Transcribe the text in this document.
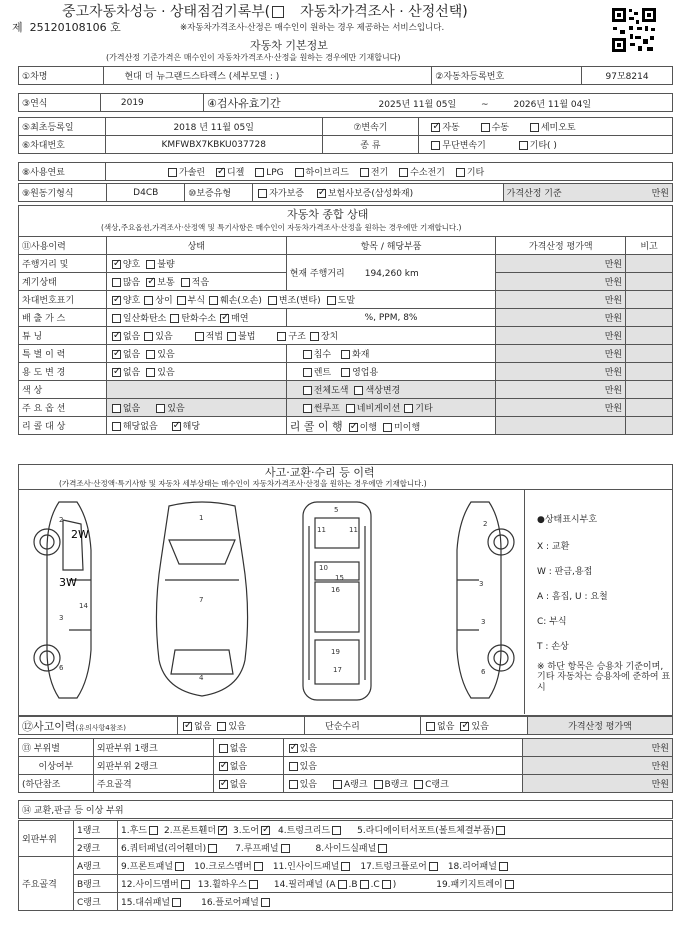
중고자동차성능 · 상태점검기록부( 자동차가격조사 · 산정선택)
제 25120108106 호	※자동차가격조사·산정은 매수인이 원하는 경우 제공하는 서비스입니다.
자동차 기본정보
(가격산정 기준가격은 매수인이 자동차가격조사·산정을 원하는 경우에만 기재합니다)
①차명	현대 더 뉴그랜드스타렉스 (세부모델 : )	②자동차등록번호	97모8214
③연식	2019	④검사유효기간	2025년 11월 05일	~	2026년 11월 04일
⑤최초등록일	2018 년 11월 05일	⑦변속기	✓자동 수동 세미오토
⑥차대번호	KMFWBX7KBKU037728	종 류	무단변속기 기타( )
⑧사용연료	가솔린 ✓ 디젤 LPG 하이브리드 전기 수소전기 기타
⑨원동기형식	D4CB	⑩보증유형	자가보증 ✓	보험사보증(삼성화재)	가격산정 기준	만원
자동차 종합 상태
(색상,주요옵션,가격조사·산정액 및 특기사항은 매수인이 자동차가격조사·산정을 원하는 경우에만 기재합니다.)
⑪사용이력	상태	항목 / 해당부품	가격산정 평가액	비고
주행거리 및	✓양호 불량	현재 주행거리 194,260 km	만원	
계기상태	많음 ✓ 보통 적음		만원	
차대번호표기	✓양호 상이 부식 훼손(오손) 변조(변타) 도말		만원	
배 출 가 스	일산화탄소 탄화수소 ✓ 매연	%, PPM, 8%	만원	
튜 닝	✓없음 있음 적법 불법 구조 장치		만원	
특 별 이 력	✓없음 있음	침수 화재	만원	
용 도 변 경	✓없음 있음	렌트 영업용	만원	
색 상		전체도색 색상변경	만원	
주 요 옵 션	없음 있음	썬루프 네비게이션 기타	만원	
리 콜 대 상	해당없음 ✓ 해당	리 콜 이 행 ✓ 이행 미이행		
사고·교환·수리 등 이력
(가격조사·산정액·특기사항 및 자동차 세부상태는 매수인이 자동차가격조사·산정을 원하는 경우에만 기재합니다.)
2
3
6
14
1
7
4
5
11	11
10
15
16
19
17
2
3
3
6
2W
3W
●상태표시부호
X : 교환
W : 판금,용접
A : 흠집, U : 요철
C: 부식
T : 손상
※ 하단 항목은 승용차 기준이며, 기타 자동차는 승용차에 준하여 표시
⑫사고이력(유의사항4참조)	✓없음 있음	단순수리	없음 ✓ 있음	가격산정 평가액
⑬ 부위별	외판부위 1랭크	없음	✓있음	만원
이상여부	외판부위 2랭크	✓없음	있음	만원
(하단참조	주요골격	✓없음	있음 A랭크 B랭크 C랭크	만원
⑭ 교환,판금 등 이상 부위
외판부위	1랭크	1.후드 2.프론트휀더 ✓ 3.도어 ✓ 4.트렁크리드 5.라디에이터서포트(볼트체결부품)
	2랭크	6.쿼터패널(리어휀더) 7.루프패널 8.사이드실패널
주요골격	A랭크	9.프론트패널 10.크로스멤버 11.인사이드패널 17.트렁크플로어 18.리어패널
	B랭크	12.사이드멤버 13.휠하우스 14.필러패널 (A .B .C ) 19.패키지트레이
	C랭크	15.대쉬패널 16.플로어패널
